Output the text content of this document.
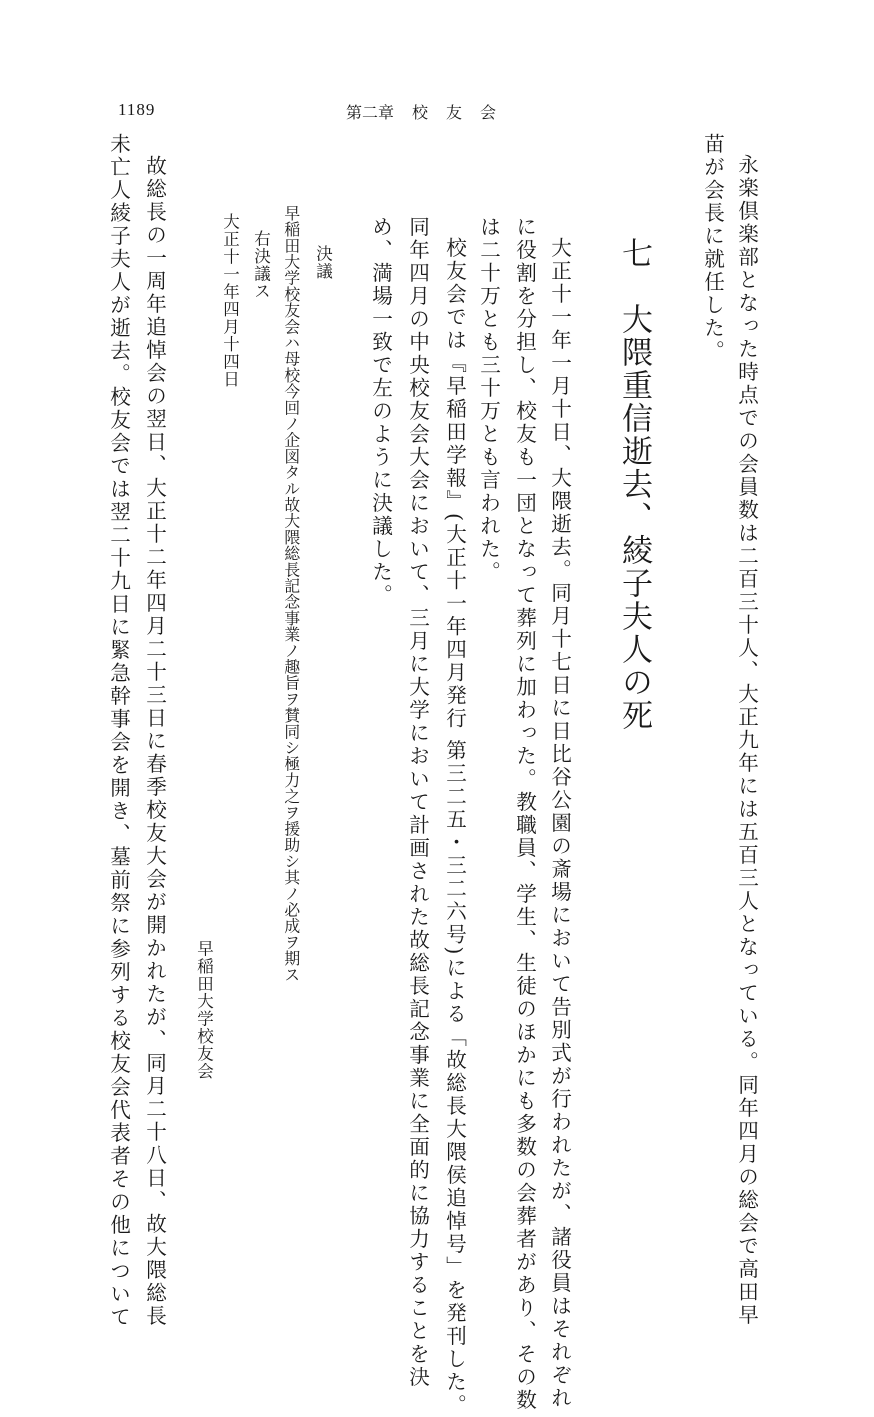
1189	第二章 校 友 会
永楽倶楽部となった時点での会員数は二百三十人、大正九年には五百三人となっている。同年四月の総会で高田早
苗が会長に就任した。
七　大隈重信逝去、綾子夫人の死
大正十一年一月十日、大隈逝去。同月十七日に日比谷公園の斎場において告別式が行われたが、諸役員はそれぞれ
に役割を分担し、校友も一団となって葬列に加わった。教職員、学生、生徒のほかにも多数の会葬者があり、その数
は二十万とも三十万とも言われた。
校友会では『早稲田学報』(大正十一年四月発行 第三二五・三二六号)による「故総長大隈侯追悼号」を発刊した。
同年四月の中央校友会大会において、三月に大学において計画された故総長記念事業に全面的に協力することを決
め、満場一致で左のように決議した。
決議
早稲田大学校友会ハ母校今回ノ企図タル故大隈総長記念事業ノ趣旨ヲ賛同シ極力之ヲ援助シ其ノ必成ヲ期ス
右決議ス
大正十一年四月十四日
早稲田大学校友会
故総長の一周年追悼会の翌日、大正十二年四月二十三日に春季校友大会が開かれたが、同月二十八日、故大隈総長
未亡人綾子夫人が逝去。校友会では翌二十九日に緊急幹事会を開き、墓前祭に参列する校友会代表者その他について
